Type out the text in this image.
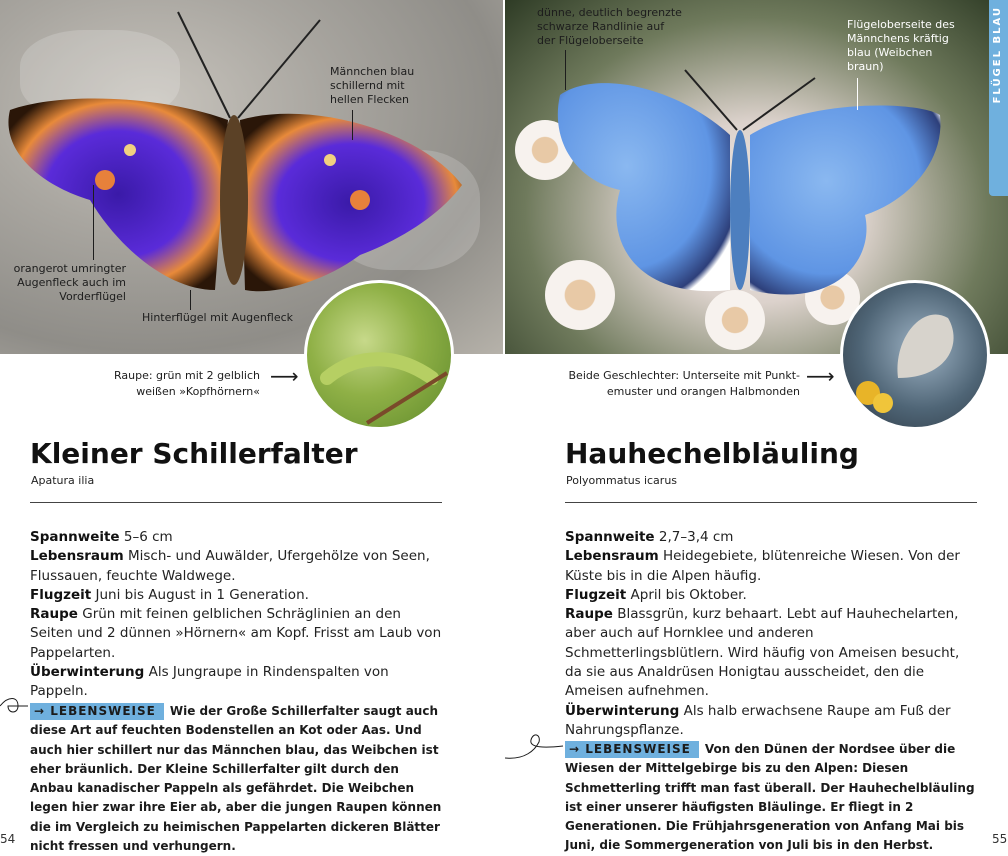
Männchen blau
schillernd mit
hellen Flecken
orangerot umringter
Augenfleck auch im
Vorderflügel
Hinterflügel mit Augenfleck
Raupe: grün mit 2 gelblich
weißen »Kopfhörnern«
⟶
Kleiner Schillerfalter
Apatura ilia

Spannweite 5–6 cm

Lebensraum Misch- und Auwälder, Ufergehölze von Seen, Flussauen, feuchte Waldwege.

Flugzeit Juni bis August in 1 Generation.

Raupe Grün mit feinen gelblichen Schräglinien an den Seiten und 2 dünnen »Hörnern« am Kopf. Frisst am Laub von Pappelarten.

Überwinterung Als Jungraupe in Rindenspalten von Pappeln.

→ LEBENSWEISE Wie der Große Schillerfalter saugt auch diese Art auf feuchten Bodenstellen an Kot oder Aas. Und auch hier schillert nur das Männchen blau, das Weibchen ist eher bräunlich. Der Kleine Schillerfalter gilt durch den Anbau kanadischer Pappeln als gefährdet. Die Weibchen legen hier zwar ihre Eier ab, aber die jungen Raupen können die im Vergleich zu heimischen Pappelarten dickeren Blätter nicht fressen und verhungern.
54
dünne, deutlich begrenzte
schwarze Randlinie auf
der Flügeloberseite
Flügeloberseite des
Männchens kräftig
blau (Weibchen
braun)
Beide Geschlechter: Unterseite mit Punkt-
emuster und orangen Halbmonden
⟶
Hauhechelbläuling
Polyommatus icarus

Spannweite 2,7–3,4 cm

Lebensraum Heidegebiete, blütenreiche Wiesen. Von der Küste bis in die Alpen häufig.

Flugzeit April bis Oktober.

Raupe Blassgrün, kurz behaart. Lebt auf Hauhechelarten, aber auch auf Hornklee und anderen Schmetterlingsblütlern. Wird häufig von Ameisen besucht, da sie aus Analdrüsen Honigtau ausscheidet, den die Ameisen aufnehmen.

Überwinterung Als halb erwachsene Raupe am Fuß der Nahrungspflanze.

→ LEBENSWEISE Von den Dünen der Nordsee über die Wiesen der Mittelgebirge bis zu den Alpen: Diesen Schmetterling trifft man fast überall. Der Hauhechelbläuling ist einer unserer häufigsten Bläulinge. Er fliegt in 2 Generationen. Die Frühjahrsgeneration von Anfang Mai bis Juni, die Sommergeneration von Juli bis in den Herbst.	55
FLÜGEL BLAU
